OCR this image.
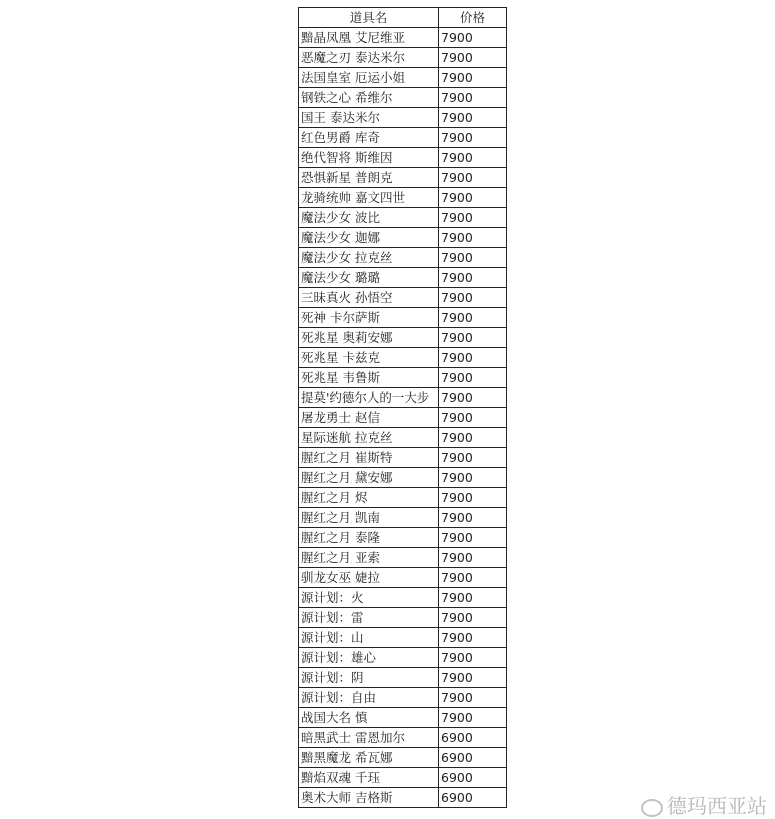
道具名	价格
黯晶凤凰 艾尼维亚	7900
恶魔之刃 泰达米尔	7900
法国皇室 厄运小姐	7900
钢铁之心 希维尔	7900
国王 泰达米尔	7900
红色男爵 库奇	7900
绝代智将 斯维因	7900
恐惧新星 普朗克	7900
龙骑统帅 嘉文四世	7900
魔法少女 波比	7900
魔法少女 迦娜	7900
魔法少女 拉克丝	7900
魔法少女 璐璐	7900
三昧真火 孙悟空	7900
死神 卡尔萨斯	7900
死兆星 奥莉安娜	7900
死兆星 卡兹克	7900
死兆星 韦鲁斯	7900
提莫'约德尔人的一大步	7900
屠龙勇士 赵信	7900
星际迷航 拉克丝	7900
腥红之月 崔斯特	7900
腥红之月 黛安娜	7900
腥红之月 烬	7900
腥红之月 凯南	7900
腥红之月 泰隆	7900
腥红之月 亚索	7900
驯龙女巫 婕拉	7900
源计划：火	7900
源计划：雷	7900
源计划：山	7900
源计划：雄心	7900
源计划：阴	7900
源计划：自由	7900
战国大名 慎	7900
暗黑武士 雷恩加尔	6900
黯黑魔龙 希瓦娜	6900
黯焰双魂 千珏	6900
奥术大师 吉格斯	6900	德玛西亚站
